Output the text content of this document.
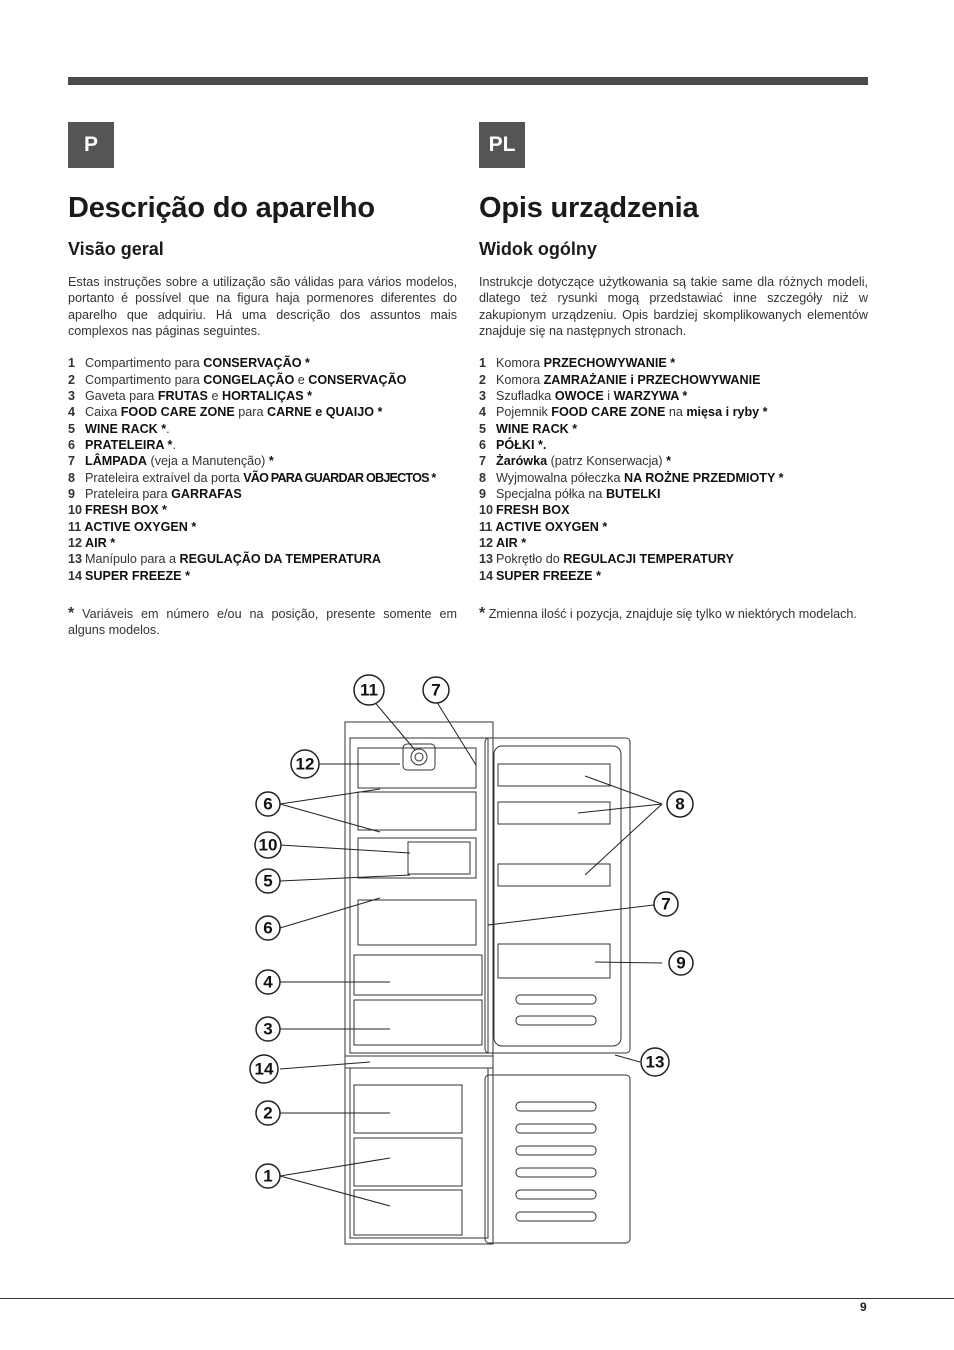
P
Descrição do aparelho
Visão geral
Estas instruções sobre a utilização são válidas para vários modelos, portanto é possível que na figura haja pormenores diferentes do aparelho que adquiriu. Há uma descrição dos assuntos mais complexos nas páginas seguintes.
1 Compartimento para CONSERVAÇÃO *
2 Compartimento para CONGELAÇÃO e CONSERVAÇÃO
3 Gaveta para FRUTAS e HORTALIÇAS *
4 Caixa FOOD CARE ZONE para CARNE e QUAIJO *
5 WINE RACK *.
6 PRATELEIRA *.
7 LÂMPADA (veja a Manutenção) *
8 Prateleira extraível da porta VÃO PARA GUARDAR OBJECTOS *
9 Prateleira para GARRAFAS
10 FRESH BOX *
11 ACTIVE OXYGEN *
12 AIR *
13 Manípulo para a REGULAÇÃO DA TEMPERATURA
14 SUPER FREEZE *
* Variáveis em número e/ou na posição, presente somente em alguns modelos.
PL
Opis urządzenia
Widok ogólny
Instrukcje dotyczące użytkowania są takie same dla różnych modeli, dlatego też rysunki mogą przedstawiać inne szczegóły niż w zakupionym urządzeniu. Opis bardziej skomplikowanych elementów znajduje się na następnych stronach.
1 Komora PRZECHOWYWANIE *
2 Komora ZAMRAŻANIE i PRZECHOWYWANIE
3 Szufladka OWOCE i WARZYWA *
4 Pojemnik FOOD CARE ZONE na mięsa i ryby *
5 WINE RACK *
6 PÓŁKI *.
7 Żarówka (patrz Konserwacja) *
8 Wyjmowalna półeczka NA ROŻNE PRZEDMIOTY *
9 Specjalna półka na BUTELKI
10 FRESH BOX
11 ACTIVE OXYGEN *
12 AIR *
13 Pokrętło do REGULACJI TEMPERATURY
14 SUPER FREEZE *
* Zmienna ilość i pozycja, znajduje się tylko w niektórych modelach.
11	7
12
6
10
5
6
4
3
14
2
1
8
7
9
13
9
